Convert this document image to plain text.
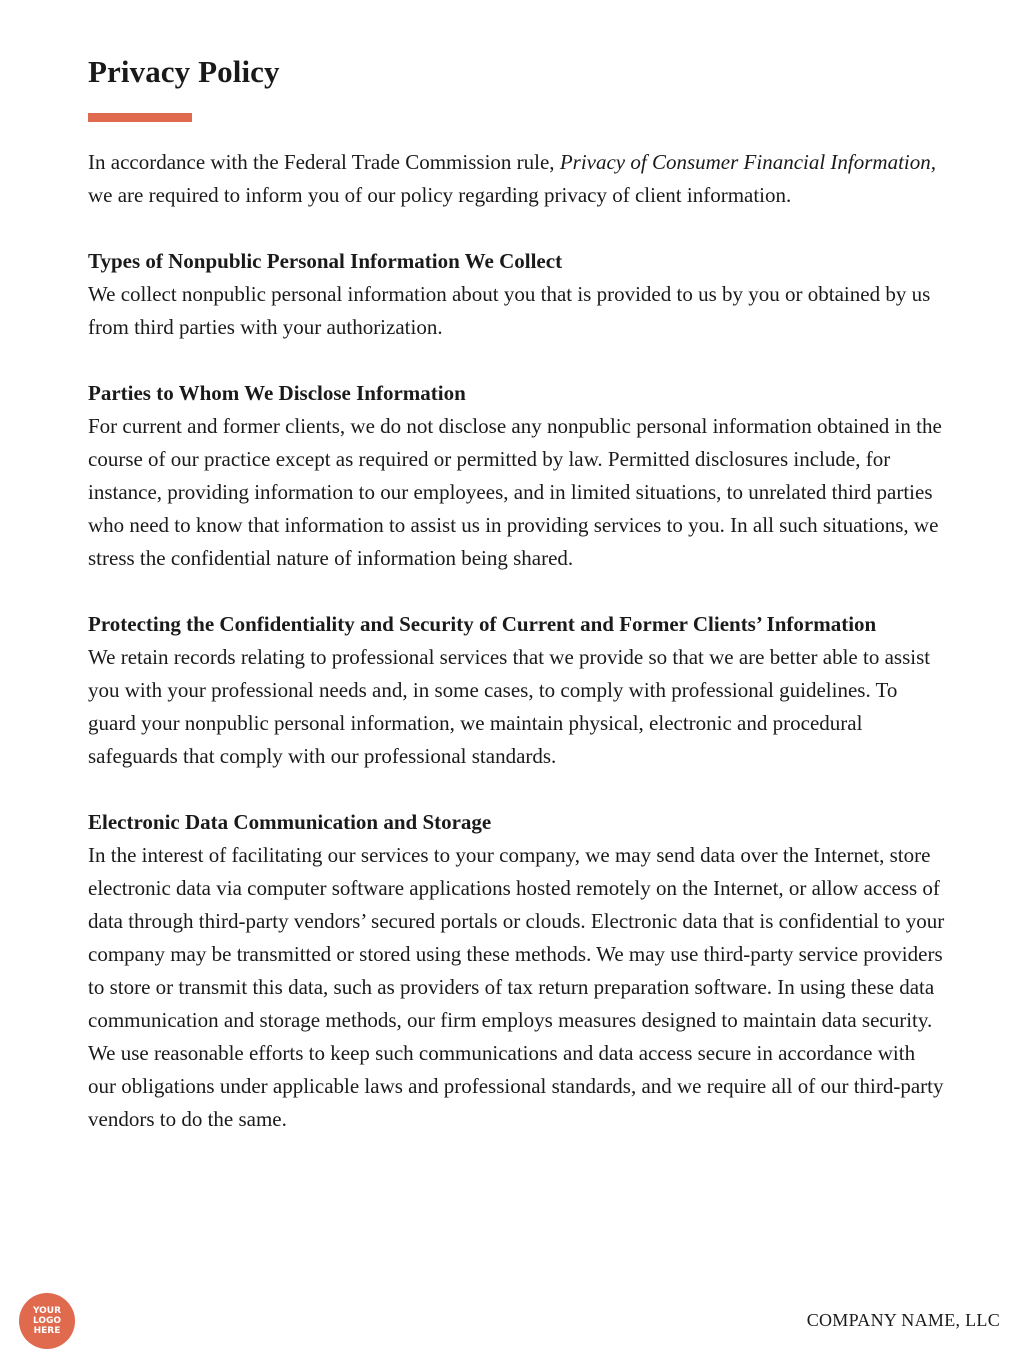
Privacy Policy

In accordance with the Federal Trade Commission rule, Privacy of Consumer Financial Information, we are required to inform you of our policy regarding privacy of client information.

Types of Nonpublic Personal Information We Collect

We collect nonpublic personal information about you that is provided to us by you or obtained by us from third parties with your authorization.

Parties to Whom We Disclose Information

For current and former clients, we do not disclose any nonpublic personal information obtained in the course of our practice except as required or permitted by law. Permitted disclosures include, for instance, providing information to our employees, and in limited situations, to unrelated third parties who need to know that information to assist us in providing services to you. In all such situations, we stress the confidential nature of information being shared.

Protecting the Confidentiality and Security of Current and Former Clients’ Information

We retain records relating to professional services that we provide so that we are better able to assist you with your professional needs and, in some cases, to comply with professional guidelines. To guard your nonpublic personal information, we maintain physical, electronic and procedural safeguards that comply with our professional standards.

Electronic Data Communication and Storage

In the interest of facilitating our services to your company, we may send data over the Internet, store electronic data via computer software applications hosted remotely on the Internet, or allow access of data through third-party vendors’ secured portals or clouds. Electronic data that is confidential to your company may be transmitted or stored using these methods. We may use third-party service providers to store or transmit this data, such as providers of tax return preparation software. In using these data communication and storage methods, our firm employs measures designed to maintain data security. We use reasonable efforts to keep such communications and data access secure in accordance with our obligations under applicable laws and professional standards, and we require all of our third-party vendors to do the same.

YOUR
LOGO
HERE
COMPANY NAME, LLC
